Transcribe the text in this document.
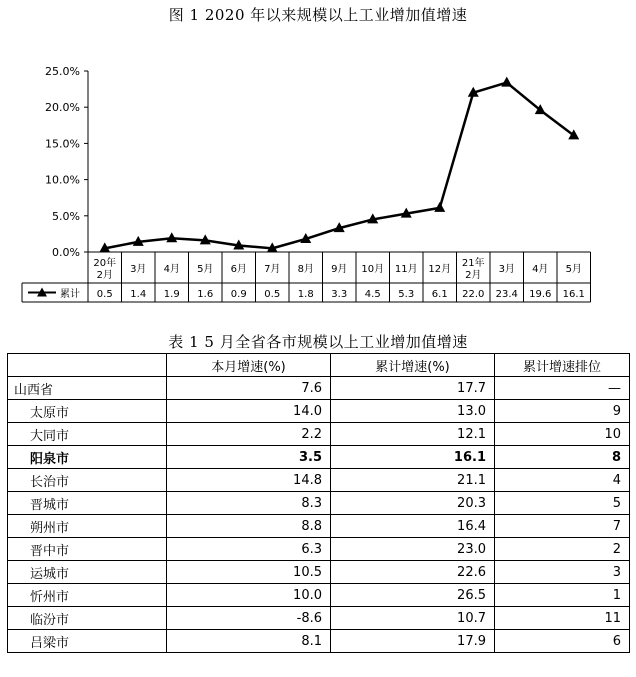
图 1 2020 年以来规模以上工业增加值增速
0.0%
5.0%
10.0%
15.0%
20.0%
25.0%
20年 2月
3月 4月 5月 6月 7月 8月 9月 10月 11月 12月
21年 2月
3月 4月 5月
0.5 1.4 1.9 1.6 0.9 0.5 1.8 3.3 4.5 5.3 6.1 22.0 23.4 19.6 16.1
累计
表 1 5 月全省各市规模以上工业增加值增速
	本月增速(%)	累计增速(%)	累计增速排位
山西省	7.6	17.7	—
太原市	14.0	13.0	9
大同市	2.2	12.1	10
阳泉市	3.5	16.1	8
长治市	14.8	21.1	4
晋城市	8.3	20.3	5
朔州市	8.8	16.4	7
晋中市	6.3	23.0	2
运城市	10.5	22.6	3
忻州市	10.0	26.5	1
临汾市	-8.6	10.7	11
吕梁市	8.1	17.9	6
